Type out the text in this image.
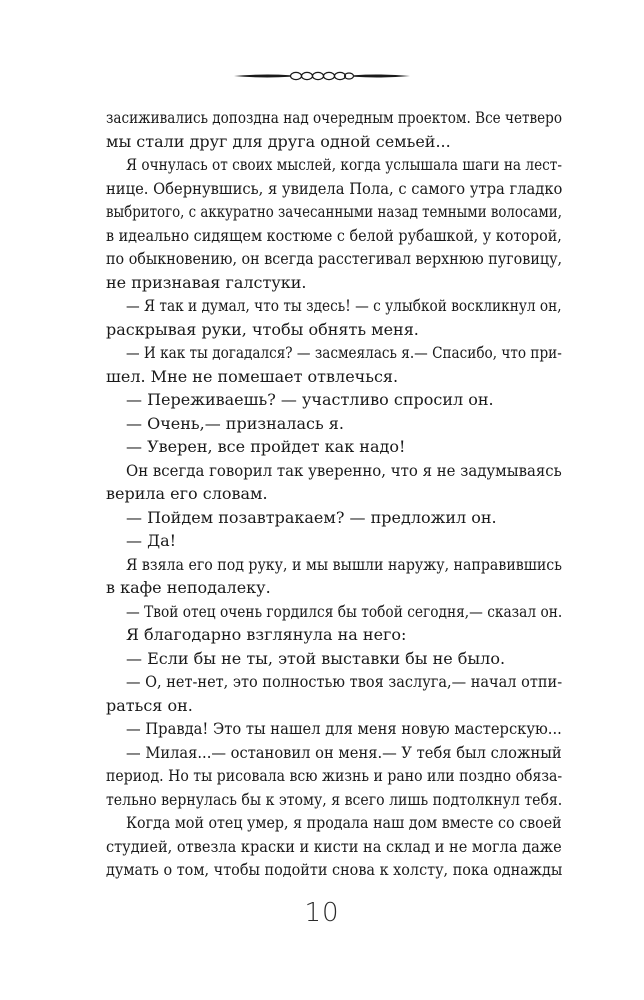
засиживались допоздна над очередным проектом. Все четверо
мы стали друг для друга одной семьей...
Я очнулась от своих мыслей, когда услышала шаги на лест-
нице. Обернувшись, я увидела Пола, с самого утра гладко
выбритого, с аккуратно зачесанными назад темными волосами,
в идеально сидящем костюме с белой рубашкой, у которой,
по обыкновению, он всегда расстегивал верхнюю пуговицу,
не признавая галстуки.
— Я так и думал, что ты здесь! — с улыбкой воскликнул он,
раскрывая руки, чтобы обнять меня.
— И как ты догадался? — засмеялась я.— Спасибо, что при-
шел. Мне не помешает отвлечься.
— Переживаешь? — участливо спросил он.
— Очень,— призналась я.
— Уверен, все пройдет как надо!
Он всегда говорил так уверенно, что я не задумываясь
верила его словам.
— Пойдем позавтракаем? — предложил он.
— Да!
Я взяла его под руку, и мы вышли наружу, направившись
в кафе неподалеку.
— Твой отец очень гордился бы тобой сегодня,— сказал он.
Я благодарно взглянула на него:
— Если бы не ты, этой выставки бы не было.
— О, нет-нет, это полностью твоя заслуга,— начал отпи-
раться он.
— Правда! Это ты нашел для меня новую мастерскую...
— Милая...— остановил он меня.— У тебя был сложный
период. Но ты рисовала всю жизнь и рано или поздно обяза-
тельно вернулась бы к этому, я всего лишь подтолкнул тебя.
Когда мой отец умер, я продала наш дом вместе со своей
студией, отвезла краски и кисти на склад и не могла даже
думать о том, чтобы подойти снова к холсту, пока однажды
10
